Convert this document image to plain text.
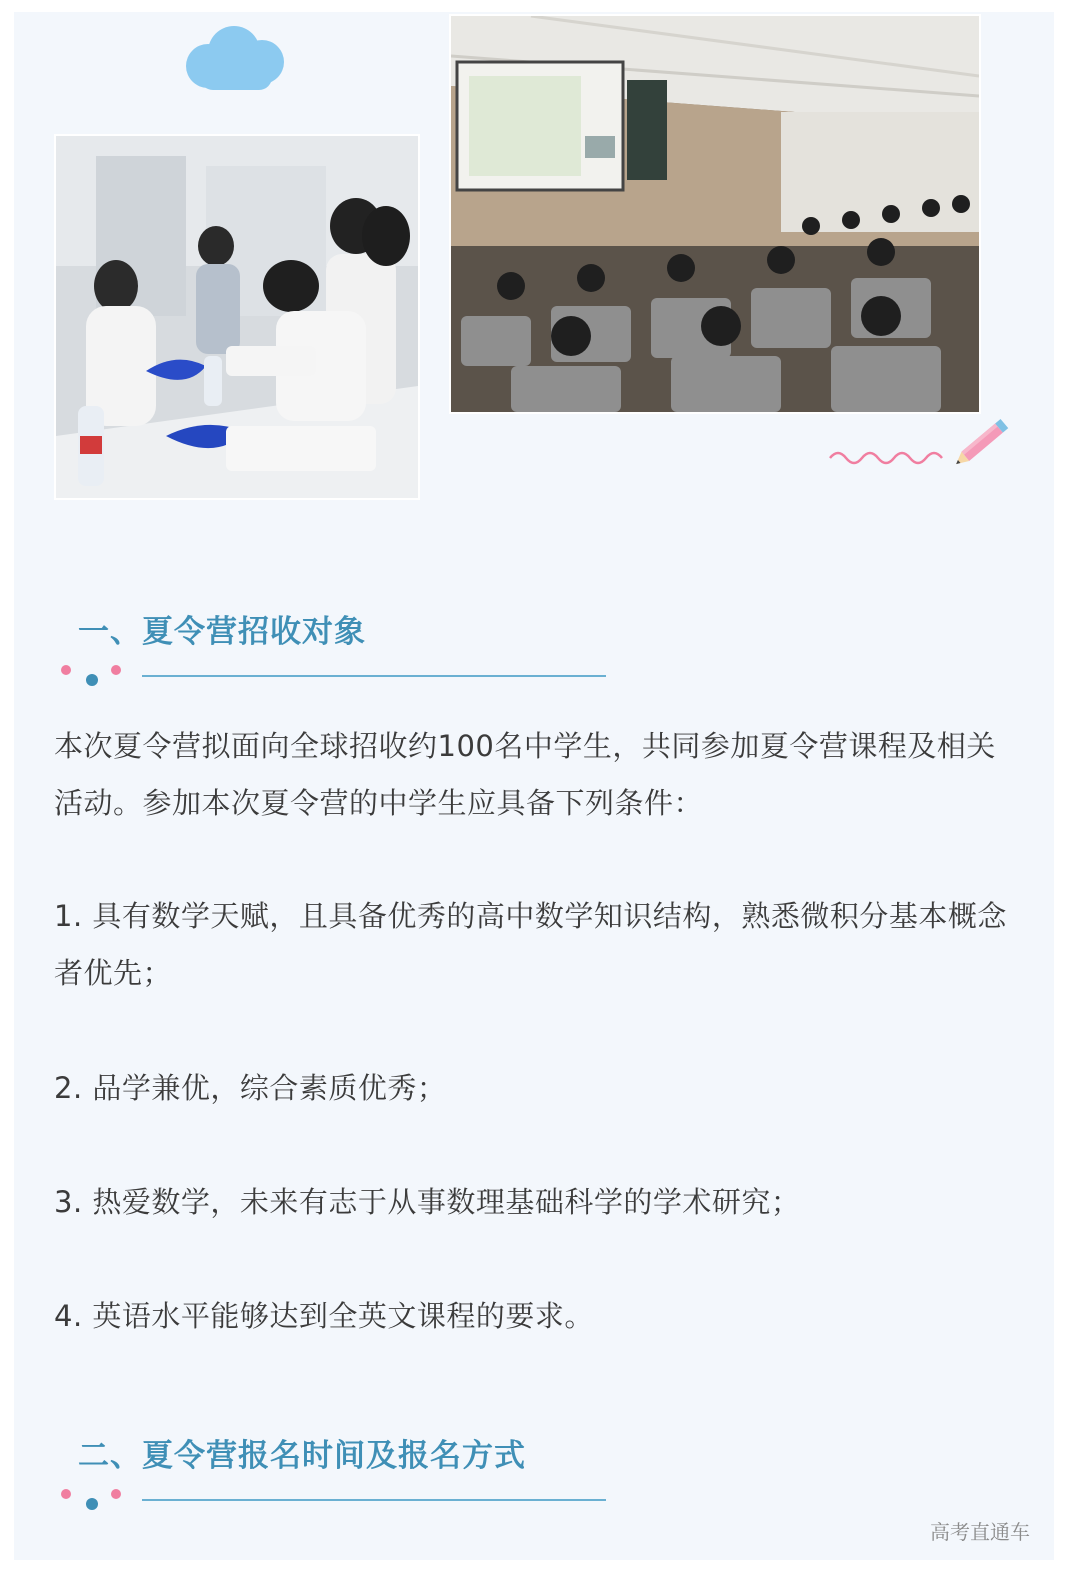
一、夏令营招收对象

本次夏令营拟面向全球招收约100名中学生，共同参加夏令营课程及相关活动。参加本次夏令营的中学生应具备下列条件：

1. 具有数学天赋，且具备优秀的高中数学知识结构，熟悉微积分基本概念者优先；

2. 品学兼优，综合素质优秀；

3. 热爱数学，未来有志于从事数理基础科学的学术研究；

4. 英语水平能够达到全英文课程的要求。

二、夏令营报名时间及报名方式
高考直通车
